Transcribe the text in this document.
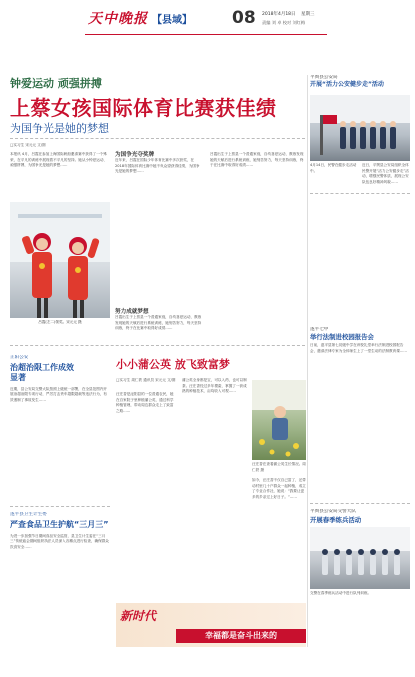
天中晚报 【县域】 08 2018年4月18日 星期三
责编 刘 卓 校对 刘红梅
钟爱运动 顽强拼搏
上蔡女孩国际体育比赛获佳绩
为国争光是她的梦想
□实习生 宋元元 文/图
本报讯 4月，吕霞在参加上海国际帆船邀请赛中获得了一个殊荣，在平凡的训练中展现着不平凡的坚持。她从小钟爱运动、顽强拼搏，为国争光是她的梦想……
吕霞(左二)领奖。宋元元 摄
为国争光夺奖牌
近年来，吕霞在国际少年体育比赛中多次获奖，在2018年国际体育比赛中她不负众望获得佳绩，为国争光是她的梦想……
吕霞出生于上蔡县一个普通家庭，自幼喜爱运动，教练发现她的天赋后进行系统训练，她刻苦努力，每天坚持训练，终于在比赛中取得好成绩……
努力成就梦想
吕霞出生于上蔡县一个普通家庭，自幼喜爱运动，教练发现她的天赋后进行系统训练，她刻苦努力，每天坚持训练，终于在比赛中取得好成绩……
正阳公安
治超治限工作成效显著
近期，县公安局交警大队按照上级统一部署，在全县范围内开展治超治限专项行动，严厉打击货车超限超载等违法行为，有效遏制了事故发生……
遂平县卫生计生委
严查食品卫生护航“三月三”
为进一步加强节日期间食品安全监管，县卫生计生委在“三月三”传统庙会期间组织执法人员深入各摊点进行检查，确保群众饮食安全……
小小蒲公英 放飞致富梦
□实习生 周仁铁 通讯员 宋元元 文/图
汪庄香是泌阳县的一位普通农民，她在自家院子里种植蒲公英，通过科学种植管理，带动周边群众走上了致富之路……
蒲公英全身都是宝，可以入药，也可以制茶。汪庄香经过多年摸索，掌握了一套成熟的种植技术，亩均收入可观……
汪庄香在查看蒲公英生长情况。周仁铁 摄
如今，汪庄香不仅自己富了，还带动村里几十户群众一起种植，成立了专业合作社，她说：“我要让更多的乡亲过上好日子。”……
新时代
幸福都是奋斗出来的
平舆县公安局
开展“活力公安健步走”活动
4月14日，民警在健步走活动中。
近日，平舆县公安局组织全体民警开展“活力公安健步走”活动，增强民警体质，展现公安队伍良好精神风貌……
遂平七中
举行法制进校园报告会
日前，遂平县第七初级中学在该校礼堂举行法制进校园报告会，邀请法律专家为全体师生上了一堂生动的法制教育课……
平舆县公安局交警大队
开展春季练兵活动
交警在春季练兵活动中进行队列训练。
